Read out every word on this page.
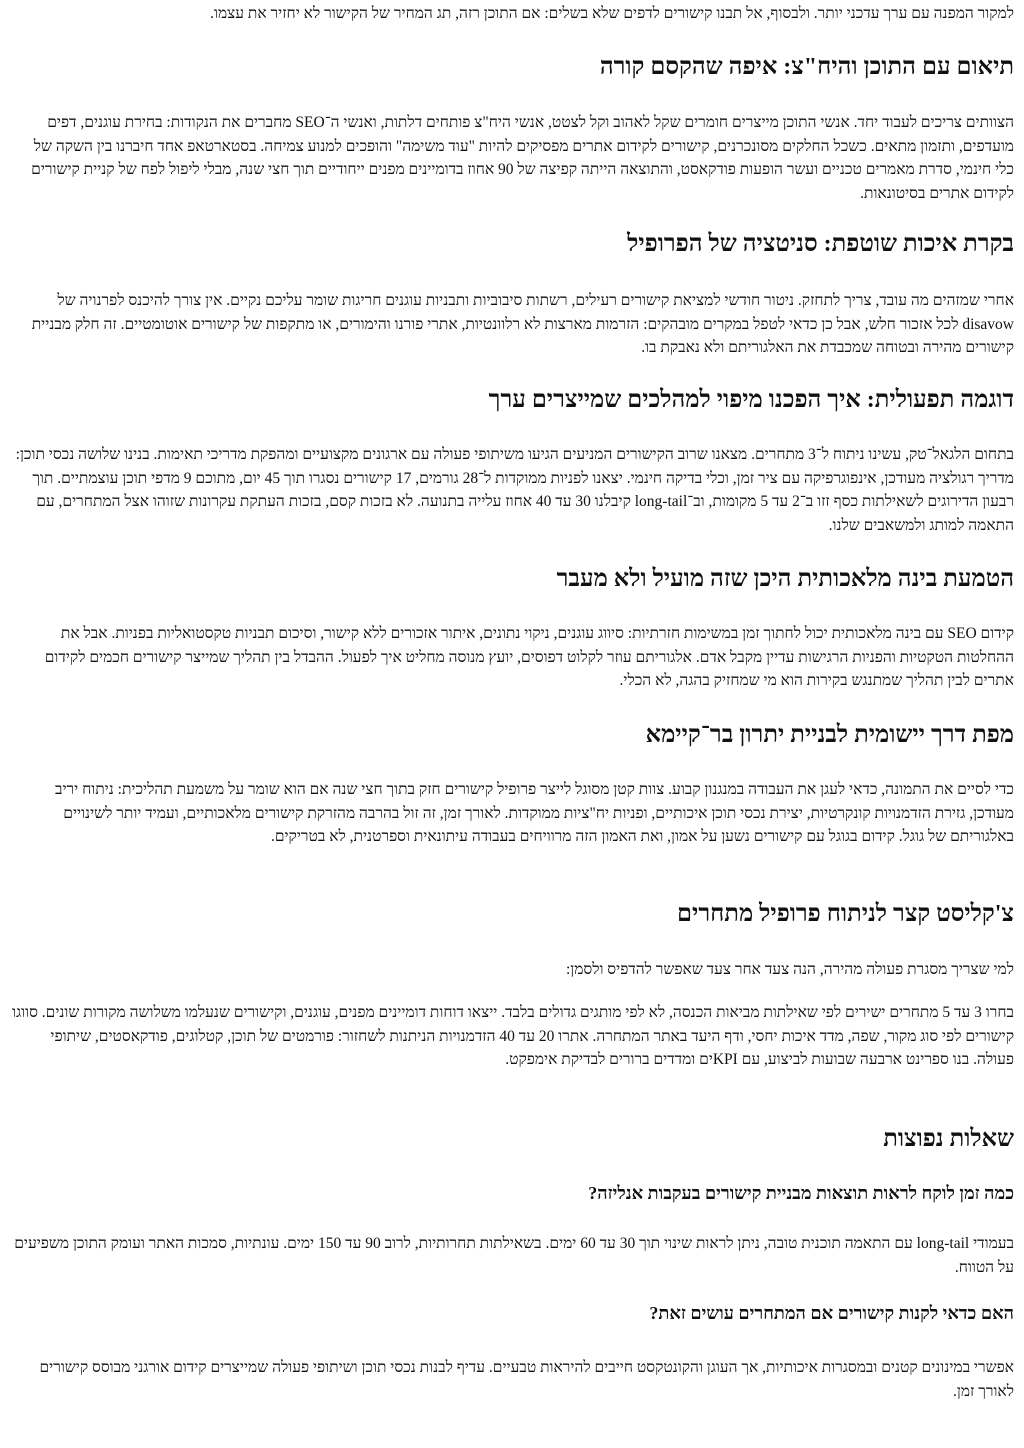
למקור המפנה עם ערך עדכני יותר. ולבסוף, אל תבנו קישורים לדפים שלא בשלים: אם התוכן רזה, תג המחיר של הקישור לא יחזיר את עצמו.

תיאום עם התוכן והיח"צ: איפה שהקסם קורה

הצוותים צריכים לעבוד יחד. אנשי התוכן מייצרים חומרים שקל לאהוב וקל לצטט, אנשי היח"צ פותחים דלתות, ואנשי ה־SEO מחברים את הנקודות: בחירת עוגנים, דפים מועדפים, ותזמון מתאים. כשכל החלקים מסונכרנים, קישורים לקידום אתרים מפסיקים להיות "עוד משימה" והופכים למנוע צמיחה. בסטארטאפ אחד חיברנו בין השקה של כלי חינמי, סדרת מאמרים טכניים ועשר הופעות פודקאסט, והתוצאה הייתה קפיצה של 90 אחוז בדומיינים מפנים ייחודיים תוך חצי שנה, מבלי ליפול לפח של קניית קישורים לקידום אתרים בסיטונאות.

בקרת איכות שוטפת: סניטציה של הפרופיל

אחרי שמזהים מה עובד, צריך לתחזק. ניטור חודשי למציאת קישורים רעילים, רשתות סיבוביות ותבניות עוגנים חריגות שומר עליכם נקיים. אין צורך להיכנס לפרנויה של disavow לכל אזכור חלש, אבל כן כדאי לטפל במקרים מובהקים: הזרמות מארצות לא רלוונטיות, אתרי פורנו והימורים, או מתקפות של קישורים אוטומטיים. זה חלק מבניית קישורים מהירה ובטוחה שמכבדת את האלגוריתם ולא נאבקת בו.

דוגמה תפעולית: איך הפכנו מיפוי למהלכים שמייצרים ערך

בתחום הלגאל־טק, עשינו ניתוח ל־3 מתחרים. מצאנו שרוב הקישורים המניעים הגיעו משיתופי פעולה עם ארגונים מקצועיים ומהפקת מדריכי תאימות. בנינו שלושה נכסי תוכן: מדריך רגולציה מעודכן, אינפוגרפיקה עם ציר זמן, וכלי בדיקה חינמי. יצאנו לפניות ממוקדות ל־28 גורמים, 17 קישורים נסגרו תוך 45 יום, מתוכם 9 מדפי תוכן עוצמתיים. תוך רבעון הדירוגים לשאילתות כסף זזו ב־2 עד 5 מקומות, וב־long-tail קיבלנו 30 עד 40 אחוז עלייה בתנועה. לא בזכות קסם, בזכות העתקת עקרונות שזוהו אצל המתחרים, עם התאמה למותג ולמשאבים שלנו.

הטמעת בינה מלאכותית היכן שזה מועיל ולא מעבר

קידום SEO עם בינה מלאכותית יכול לחתוך זמן במשימות חזרתיות: סיווג עוגנים, ניקוי נתונים, איתור אזכורים ללא קישור, וסיכום תבניות טקסטואליות בפניות. אבל את ההחלטות הטקטיות והפניות הרגישות עדיין מקבל אדם. אלגוריתם עוזר לקלוט דפוסים, יועץ מנוסה מחליט איך לפעול. ההבדל בין תהליך שמייצר קישורים חכמים לקידום אתרים לבין תהליך שמתנגש בקירות הוא מי שמחזיק בהגה, לא הכלי.

מפת דרך יישומית לבניית יתרון בר־קיימא

כדי לסיים את התמונה, כדאי לעגן את העבודה במנגנון קבוע. צוות קטן מסוגל לייצר פרופיל קישורים חזק בתוך חצי שנה אם הוא שומר על משמעת תהליכית: ניתוח יריב מעודכן, גזירת הזדמנויות קונקרטיות, יצירת נכסי תוכן איכותיים, ופניות יח"ציות ממוקדות. לאורך זמן, זה זול בהרבה מהזרקת קישורים מלאכותיים, ועמיד יותר לשינויים באלגוריתם של גוגל. קידום בגוגל עם קישורים נשען על אמון, ואת האמון הזה מרוויחים בעבודה עיתונאית וספרטנית, לא בטריקים.

צ'קליסט קצר לניתוח פרופיל מתחרים

למי שצריך מסגרת פעולה מהירה, הנה צעד אחר צעד שאפשר להדפיס ולסמן:

בחרו 3 עד 5 מתחרים ישירים לפי שאילתות מביאות הכנסה, לא לפי מותגים גדולים בלבד. ייצאו דוחות דומיינים מפנים, עוגנים, וקישורים שנעלמו משלושה מקורות שונים. סווגו קישורים לפי סוג מקור, שפה, מדד איכות יחסי, ודף היעד באתר המתחרה. אתרו 20 עד 40 הזדמנויות הניתנות לשחזור: פורמטים של תוכן, קטלוגים, פודקאסטים, שיתופי פעולה. בנו ספרינט ארבעה שבועות לביצוע, עם KPIים ומדדים ברורים לבדיקת אימפקט.

שאלות נפוצות
כמה זמן לוקח לראות תוצאות מבניית קישורים בעקבות אנליזה?

בעמודי long-tail עם התאמה תוכנית טובה, ניתן לראות שינוי תוך 30 עד 60 ימים. בשאילתות תחרותיות, לרוב 90 עד 150 ימים. עונתיות, סמכות האתר ועומק התוכן משפיעים על הטווח.

האם כדאי לקנות קישורים אם המתחרים עושים זאת?

אפשרי במינונים קטנים ובמסגרות איכותיות, אך העוגן והקונטקסט חייבים להיראות טבעיים. עדיף לבנות נכסי תוכן ושיתופי פעולה שמייצרים קידום אורגני מבוסס קישורים לאורך זמן.
